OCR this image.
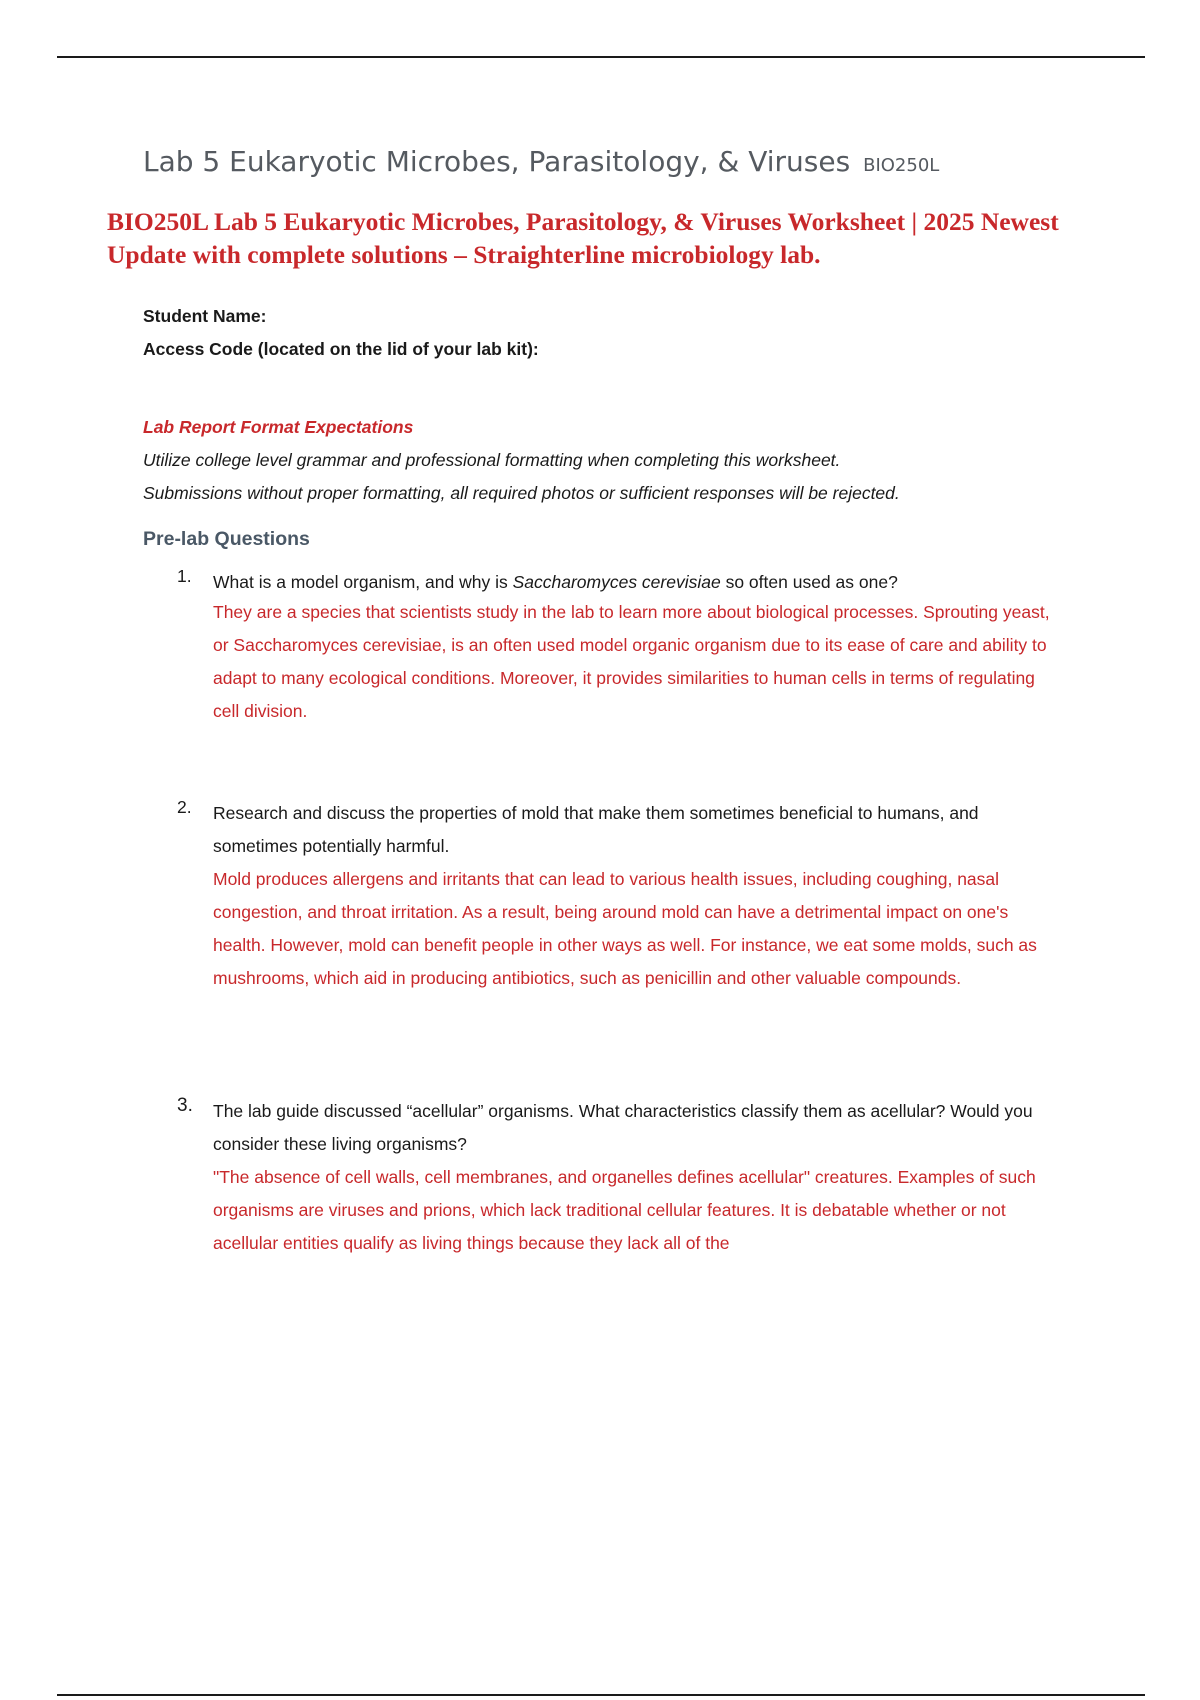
Lab 5 Eukaryotic Microbes, Parasitology, & Viruses BIO250L
BIO250L Lab 5 Eukaryotic Microbes, Parasitology, & Viruses Worksheet | 2025 Newest Update with complete solutions – Straighterline microbiology lab.
Student Name:
Access Code (located on the lid of your lab kit):
Lab Report Format Expectations
Utilize college level grammar and professional formatting when completing this worksheet.
Submissions without proper formatting, all required photos or sufficient responses will be rejected.
Pre-lab Questions
1. What is a model organism, and why is Saccharomyces cerevisiae so often used as one?
They are a species that scientists study in the lab to learn more about biological processes. Sprouting yeast, or Saccharomyces cerevisiae, is an often used model organic organism due to its ease of care and ability to adapt to many ecological conditions. Moreover, it provides similarities to human cells in terms of regulating cell division.
2. Research and discuss the properties of mold that make them sometimes beneficial to humans, and sometimes potentially harmful.
Mold produces allergens and irritants that can lead to various health issues, including coughing, nasal congestion, and throat irritation. As a result, being around mold can have a detrimental impact on one's health. However, mold can benefit people in other ways as well. For instance, we eat some molds, such as mushrooms, which aid in producing antibiotics, such as penicillin and other valuable compounds.
3. The lab guide discussed “acellular” organisms. What characteristics classify them as acellular? Would you consider these living organisms?
"The absence of cell walls, cell membranes, and organelles defines acellular" creatures. Examples of such organisms are viruses and prions, which lack traditional cellular features. It is debatable whether or not acellular entities qualify as living things because they lack all of the
